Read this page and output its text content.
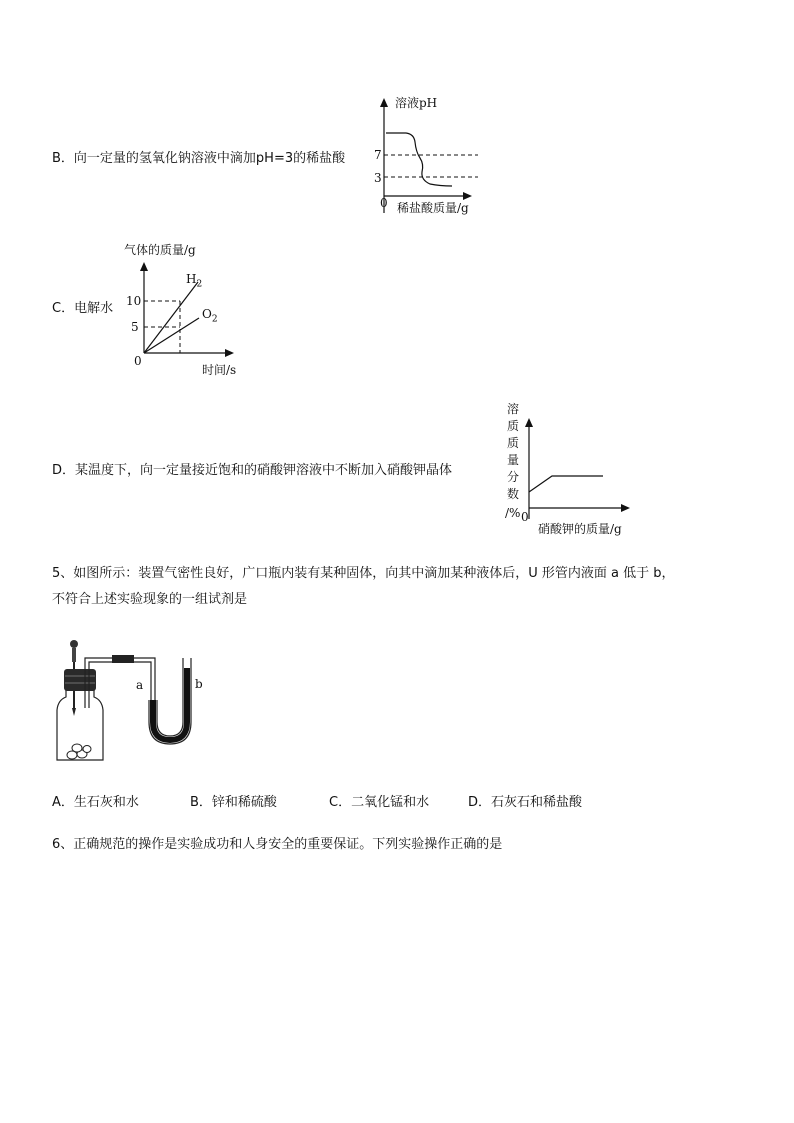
B．向一定量的氢氧化钠溶液中滴加pH=3的稀盐酸
溶液pH
7
3
0 稀盐酸质量/g
C．电解水
气体的质量/g
10
5
0
$H_2$
$O_2$
时间/s
D．某温度下，向一定量接近饱和的硝酸钾溶液中不断加入硝酸钾晶体
溶
质
质
量
分
数
/% 0
硝酸钾的质量/g
5、如图所示：装置气密性良好，广口瓶内装有某种固体，向其中滴加某种液体后，U 形管内液面 a 低于 b，
不符合上述实验现象的一组试剂是
a	b
A．生石灰和水	B．锌和稀硫酸	C．二氧化锰和水	D．石灰石和稀盐酸
6、正确规范的操作是实验成功和人身安全的重要保证。下列实验操作正确的是
